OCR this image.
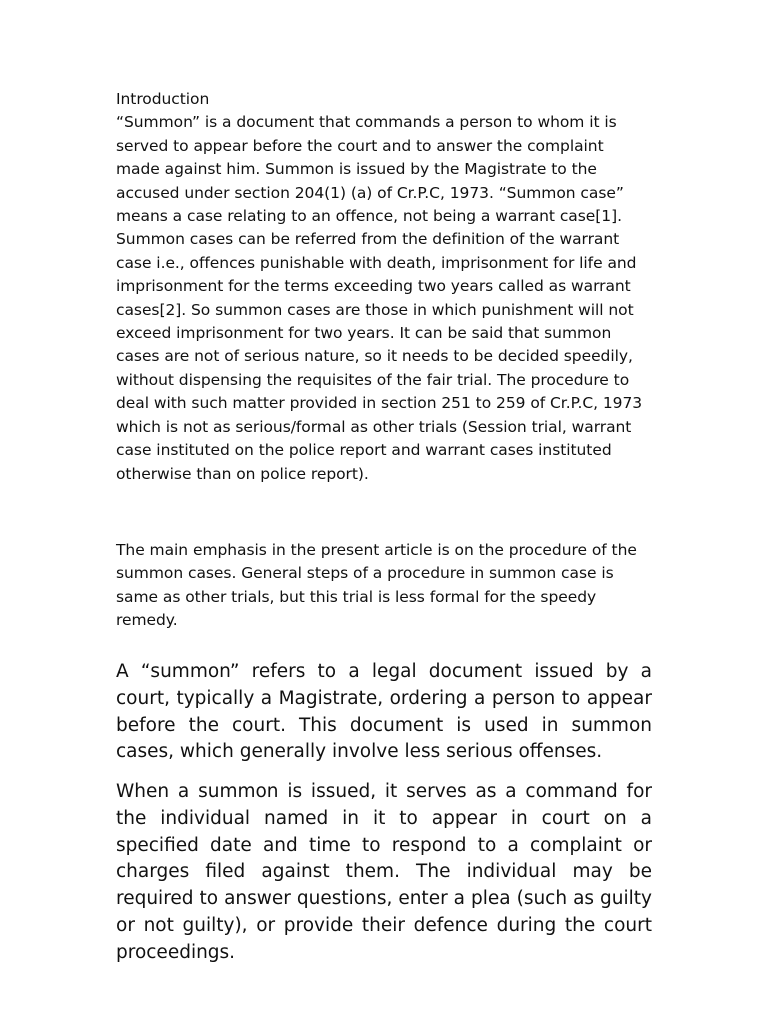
Introduction

“Summon” is a document that commands a person to whom it is served to appear before the court and to answer the complaint made against him. Summon is issued by the Magistrate to the accused under section 204(1) (a) of Cr.P.C, 1973. “Summon case” means a case relating to an offence, not being a warrant case[1]. Summon cases can be referred from the definition of the warrant case i.e., offences punishable with death, imprisonment for life and imprisonment for the terms exceeding two years called as warrant cases[2]. So summon cases are those in which punishment will not exceed imprisonment for two years. It can be said that summon cases are not of serious nature, so it needs to be decided speedily, without dispensing the requisites of the fair trial. The procedure to deal with such matter provided in section 251 to 259 of Cr.P.C, 1973 which is not as serious/formal as other trials (Session trial, warrant case instituted on the police report and warrant cases instituted otherwise than on police report).

The main emphasis in the present article is on the procedure of the summon cases. General steps of a procedure in summon case is same as other trials, but this trial is less formal for the speedy remedy.

A “summon” refers to a legal document issued by a court, typically a Magistrate, ordering a person to appear before the court. This document is used in summon cases, which generally involve less serious offenses.

When a summon is issued, it serves as a command for the individual named in it to appear in court on a specified date and time to respond to a complaint or charges filed against them. The individual may be required to answer questions, enter a plea (such as guilty or not guilty), or provide their defence during the court proceedings.
